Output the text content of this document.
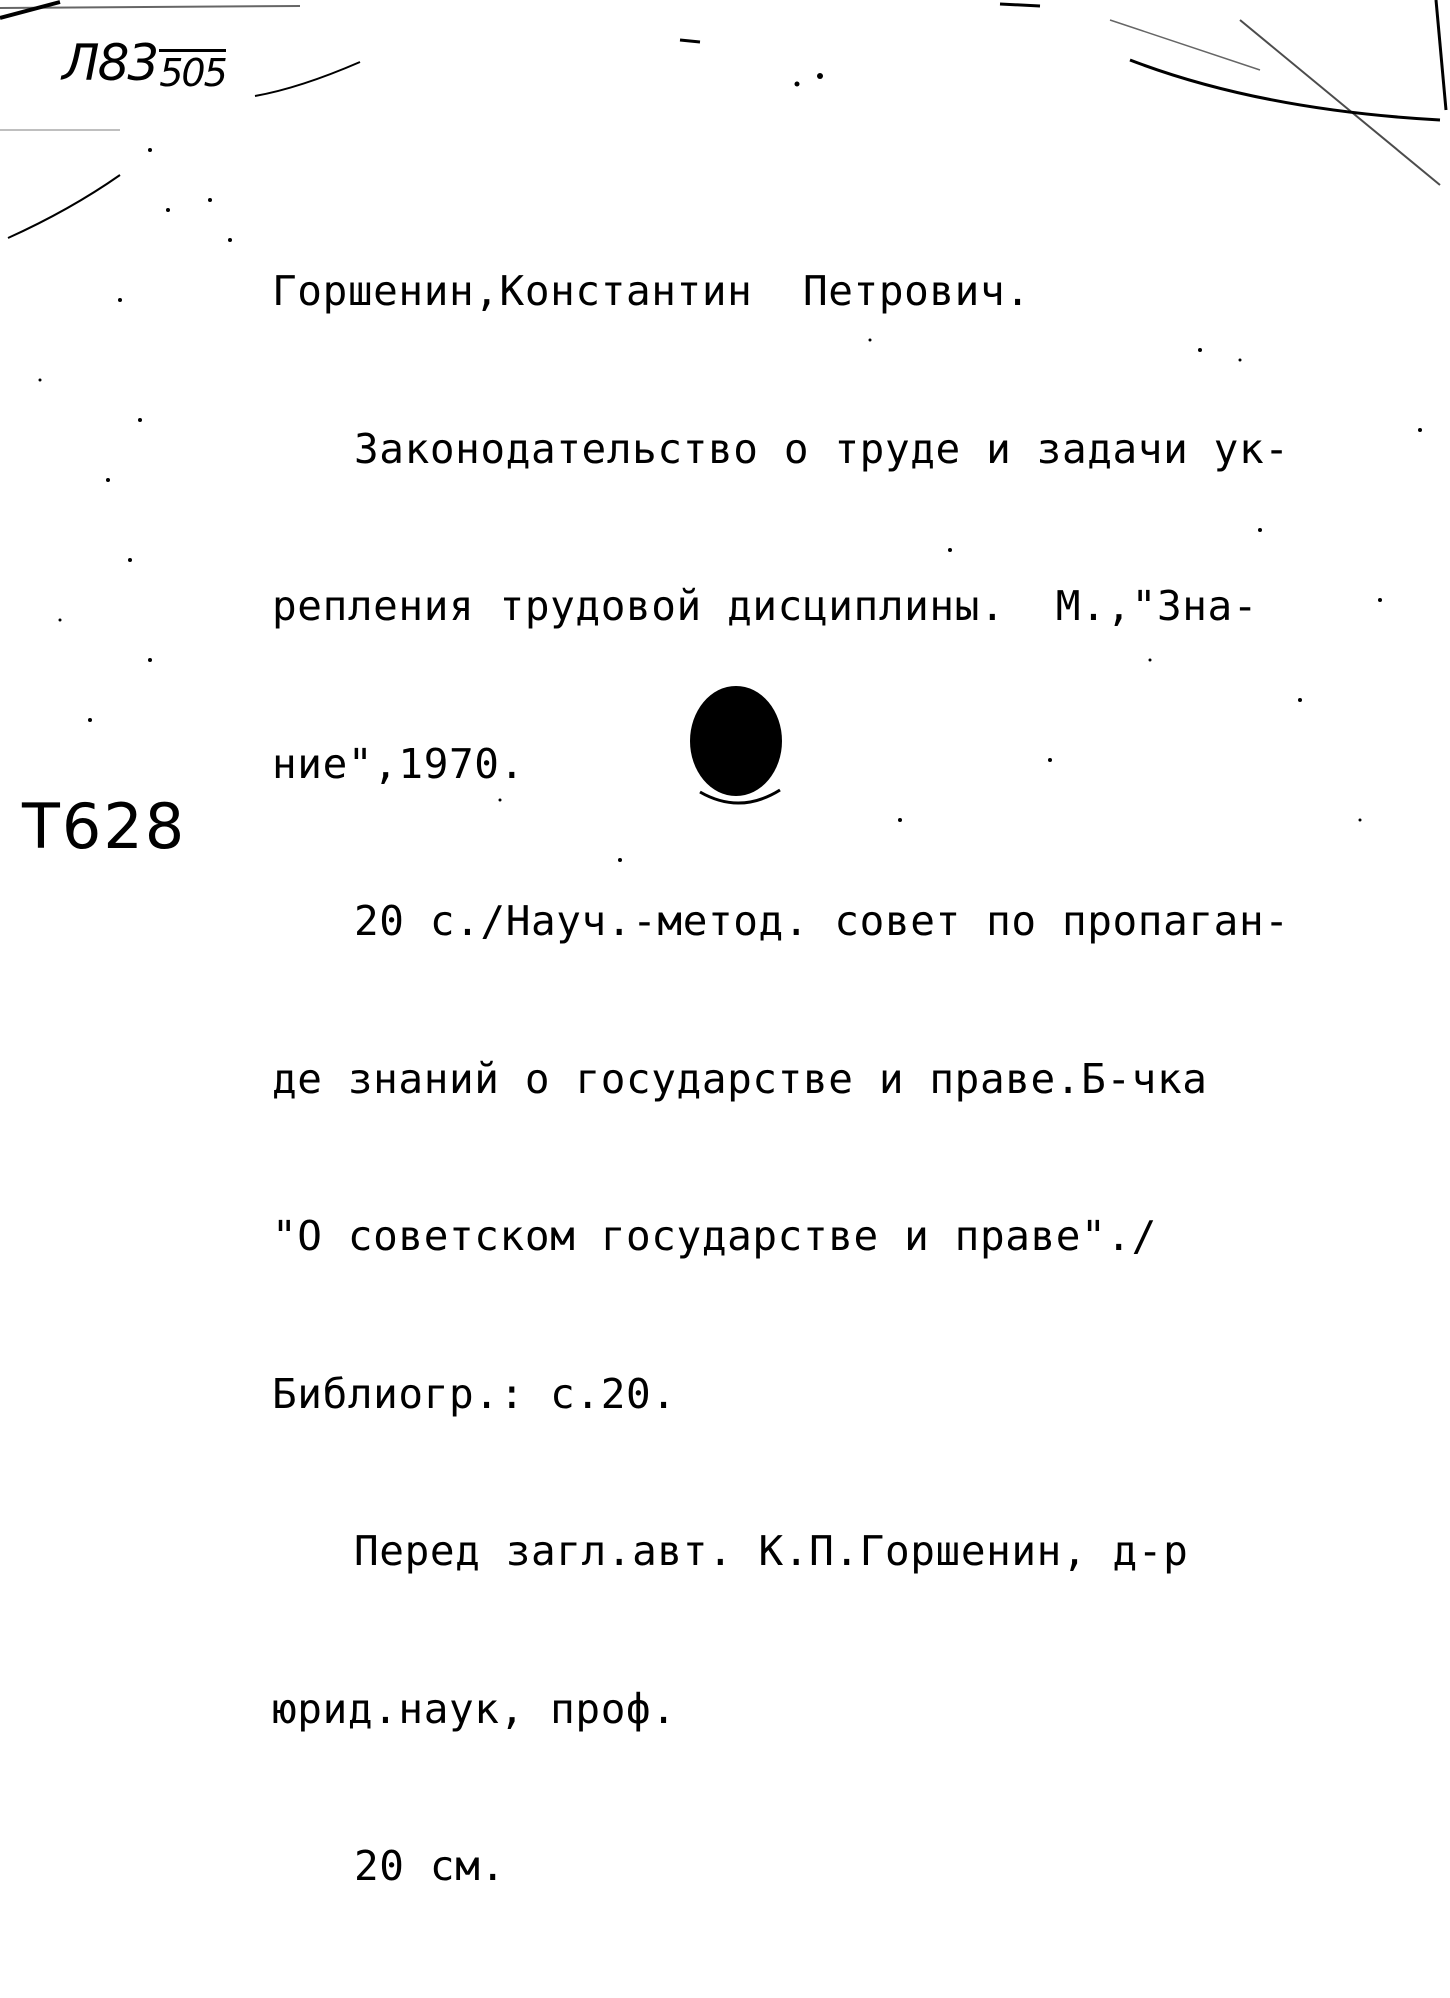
Л83505

Горшенин,Константин  Петрович.

Законодательство о труде и задачи ук-

репления трудовой дисциплины.  М.,"Зна-

ние",1970.

20 с./Науч.-метод. совет по пропаган-

де знаний о государстве и праве.Б-чка

"О советском государстве и праве"./

Библиогр.: с.20.

Перед загл.авт. К.П.Горшенин, д-р

юрид.наук, проф.

20 см.

Т628
